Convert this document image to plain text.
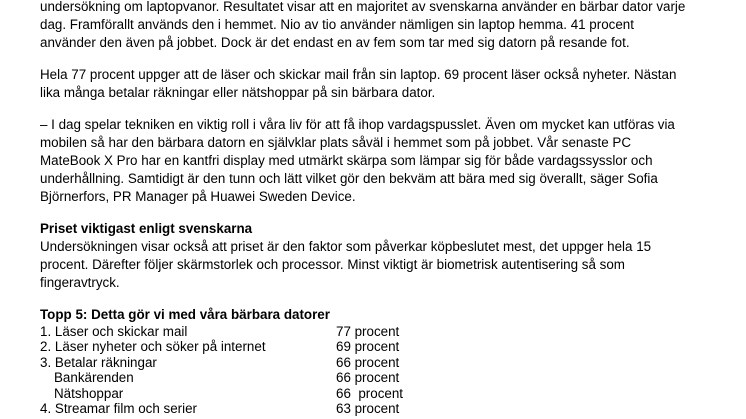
undersökning om laptopvanor. Resultatet visar att en majoritet av svenskarna använder en bärbar dator varje dag. Framförallt används den i hemmet. Nio av tio använder nämligen sin laptop hemma. 41 procent använder den även på jobbet. Dock är det endast en av fem som tar med sig datorn på resande fot.

Hela 77 procent uppger att de läser och skickar mail från sin laptop. 69 procent läser också nyheter. Nästan lika många betalar räkningar eller nätshoppar på sin bärbara dator.

– I dag spelar tekniken en viktig roll i våra liv för att få ihop vardagspusslet. Även om mycket kan utföras via mobilen så har den bärbara datorn en självklar plats såväl i hemmet som på jobbet. Vår senaste PC MateBook X Pro har en kantfri display med utmärkt skärpa som lämpar sig för både vardagssysslor och underhållning. Samtidigt är den tunn och lätt vilket gör den bekväm att bära med sig överallt, säger Sofia Björnerfors, PR Manager på Huawei Sweden Device.

Priset viktigast enligt svenskarna

Undersökningen visar också att priset är den faktor som påverkar köpbeslutet mest, det uppger hela 15 procent. Därefter följer skärmstorlek och processor. Minst viktigt är biometrisk autentisering så som fingeravtryck.

Topp 5: Detta gör vi med våra bärbara datorer

1. Läser och skickar mail	77 procent
2. Läser nyheter och söker på internet	69 procent
3. Betalar räkningar	66 procent
Bankärenden	66 procent
Nätshoppar	66  procent
4. Streamar film och serier	63 procent
